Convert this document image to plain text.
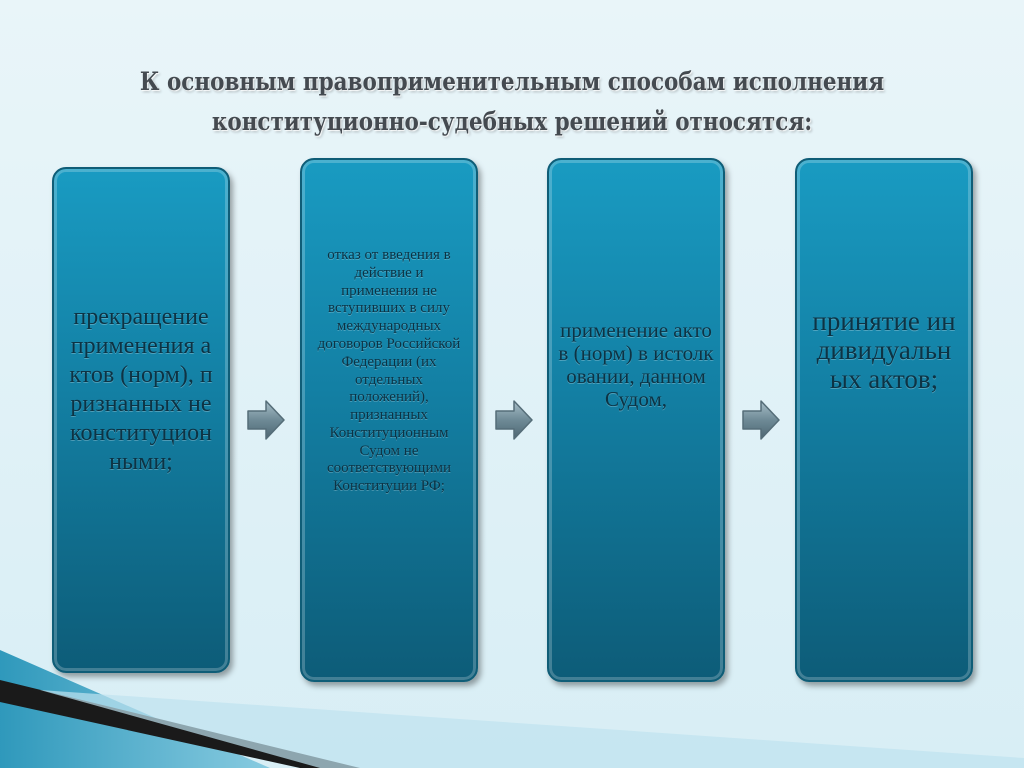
К основным правоприменительным способам исполнения
конституционно-судебных решений относятся:
прекращение применения актов (норм), признанных неконституционными;
отказ от введения в действие и применения не вступивших в силу международных договоров Российской Федерации (их отдельных положений), признанных Конституционным Судом не соответствующими Конституции РФ;
применение актов (норм) в истолковании, данном Судом,
принятие индивидуальных актов;
